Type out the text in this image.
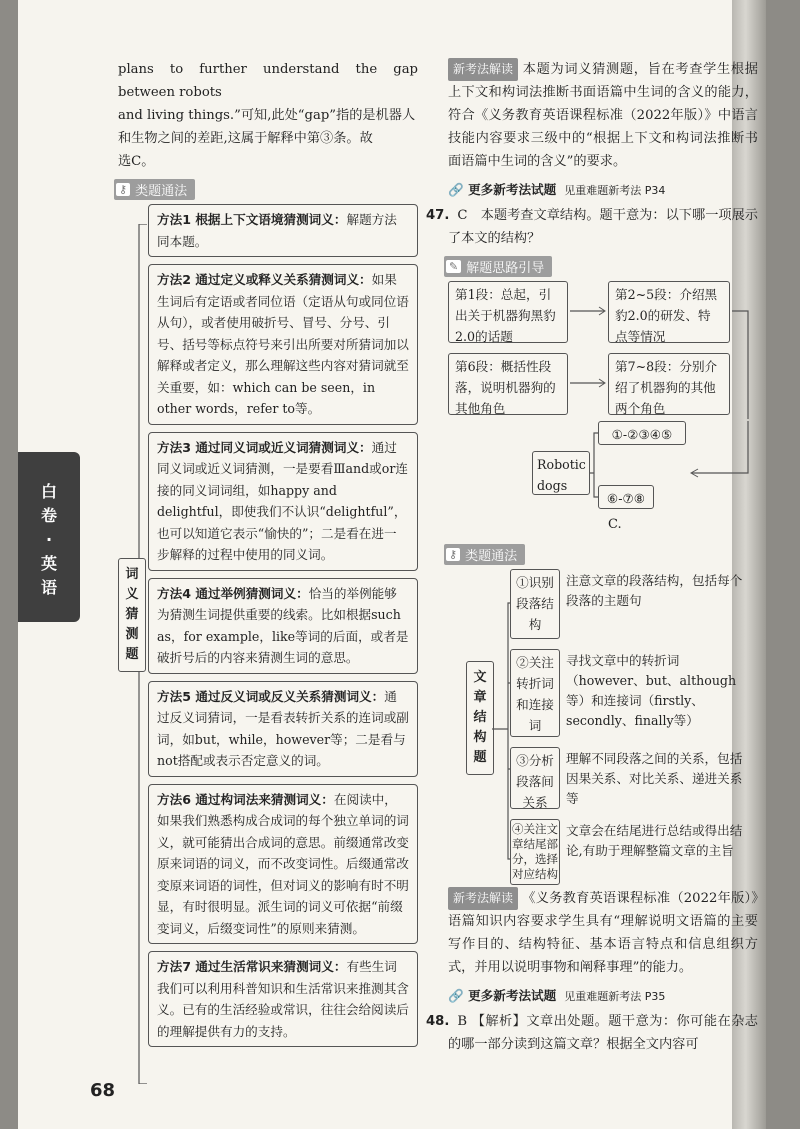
白
卷
·
英
语

plans to further understand the gap between robots

and living things.”可知,此处“gap”指的是机器人

和生物之间的差距,这属于解释中第③条。故

选C。

⚷ 类题通法
方法1 根据上下文语境猜测词义：解题方法同本题。
方法2 通过定义或释义关系猜测词义：如果生词后有定语或者同位语（定语从句或同位语从句），或者使用破折号、冒号、分号、引号、括号等标点符号来引出所要对所猜词加以解释或者定义，那么理解这些内容对猜词就至关重要，如：which can be seen，in other words，refer to等。
方法3 通过同义词或近义词猜测词义：通过同义词或近义词猜测，一是要看Ⅲand或or连接的同义词词组，如happy and delightful，即使我们不认识“delightful”，也可以知道它表示“愉快的”；二是看在进一步解释的过程中使用的同义词。
方法4 通过举例猜测词义：恰当的举例能够为猜测生词提供重要的线索。比如根据such as，for example，like等词的后面，或者是破折号后的内容来猜测生词的意思。
方法5 通过反义词或反义关系猜测词义：通过反义词猜词，一是看表转折关系的连词或副词，如but，while，however等；二是看与not搭配或表示否定意义的词。
方法6 通过构词法来猜测词义：在阅读中，如果我们熟悉构成合成词的每个独立单词的词义，就可能猜出合成词的意思。前缀通常改变原来词语的词义，而不改变词性。后缀通常改变原来词语的词性，但对词义的影响有时不明显，有时很明显。派生词的词义可依据“前缀变词义，后缀变词性”的原则来猜测。
方法7 通过生活常识来猜测词义：有些生词我们可以利用科普知识和生活常识来推测其含义。已有的生活经验或常识，往往会给阅读后的理解提供有力的支持。
词
义
猜
测
题

新考法解读 本题为词义猜测题，旨在考查学生根据上下文和构词法推断书面语篇中生词的含义的能力，符合《义务教育英语课程标准（2022年版）》中语言技能内容要求三级中的“根据上下文和构词法推断书面语篇中生词的含义”的要求。

🔗 更多新考法试题 见重难题新考法 P34

47. C　本题考查文章结构。题干意为：以下哪一项展示了本文的结构？

✎ 解题思路引导
第1段：总起，引出关于机器狗黑豹2.0的话题
第2~5段：介绍黑豹2.0的研发、特点等情况
第6段：概括性段落，说明机器狗的其他角色
第7~8段：分别介绍了机器狗的其他两个角色
Robotic dogs
①-②③④⑤
⑥-⑦⑧
C.
⚷ 类题通法
文
章
结
构
题
①识别段落结构
注意文章的段落结构，包括每个段落的主题句
②关注转折词和连接词
寻找文章中的转折词（however、but、although等）和连接词（firstly、secondly、finally等）
③分析段落间关系
理解不同段落之间的关系，包括因果关系、对比关系、递进关系等
④关注文章结尾部分，选择对应结构
文章会在结尾进行总结或得出结论,有助于理解整篇文章的主旨

新考法解读 《义务教育英语课程标准（2022年版）》语篇知识内容要求学生具有“理解说明文语篇的主要写作目的、结构特征、基本语言特点和信息组织方式，并用以说明事物和阐释事理”的能力。

🔗 更多新考法试题 见重难题新考法 P35

48. B 【解析】文章出处题。题干意为：你可能在杂志的哪一部分读到这篇文章？根据全文内容可

68
